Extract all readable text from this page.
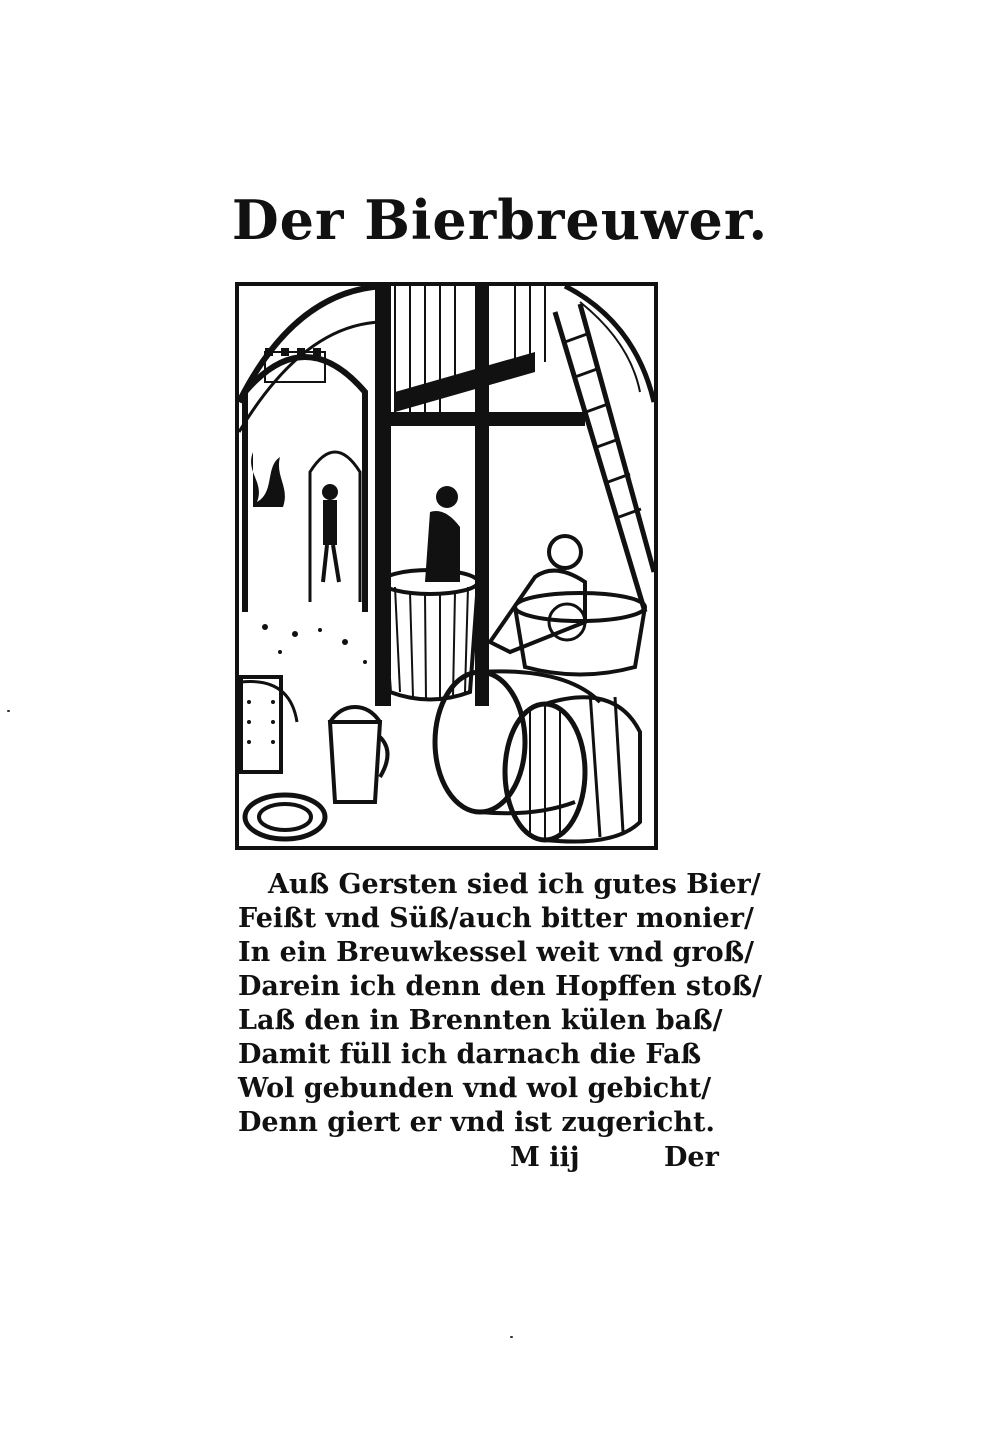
Der Bierbreuwer.
Auß Gersten sied ich gutes Bier/
Feißt vnd Süß/auch bitter monier/
In ein Breuwkessel weit vnd groß/
Darein ich denn den Hopffen stoß/
Laß den in Brennten külen baß/
Damit füll ich darnach die Faß
Wol gebunden vnd wol gebicht/
Denn giert er vnd ist zugericht.
M iij	Der
